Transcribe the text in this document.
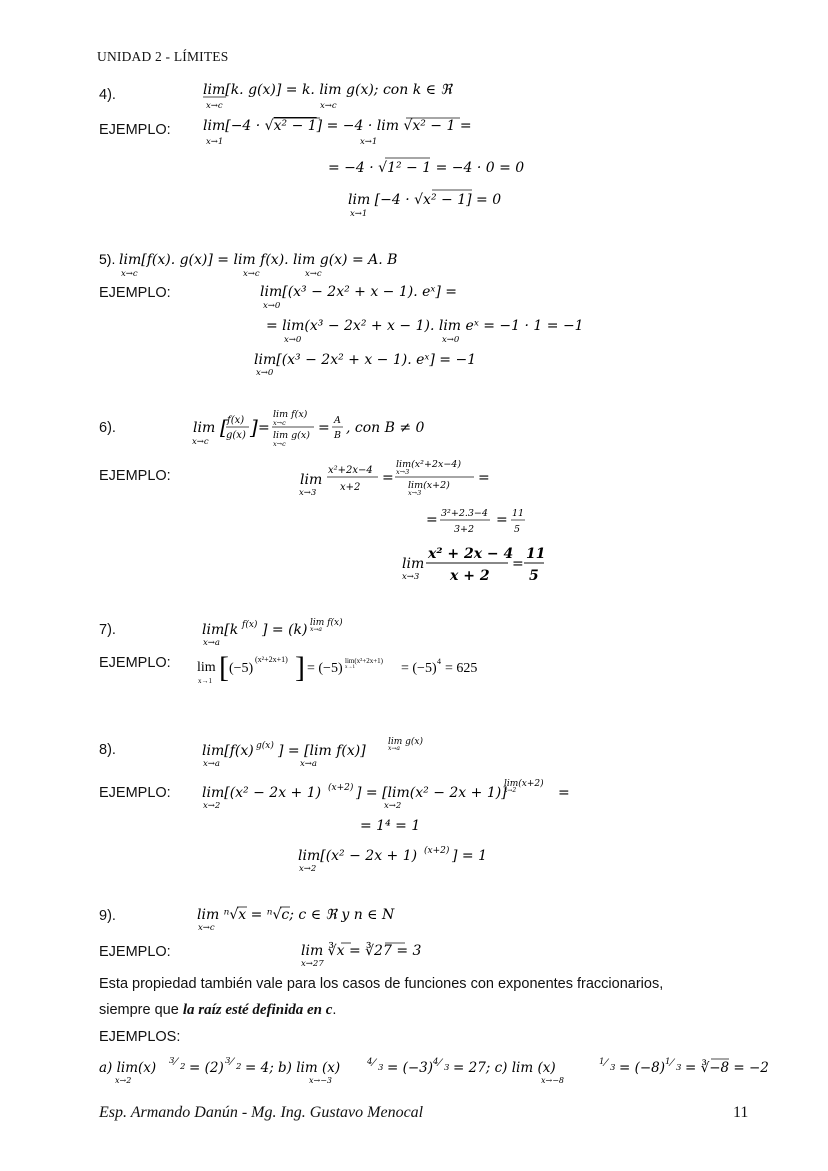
UNIDAD 2 - LÍMITES
4).	lim[k. g(x)] = k. lim g(x); con k ∈ ℜ
x→c	x→c
EJEMPLO: lim[−4 · √x² − 1] = −4 · lim √x² − 1 =
x→1	x→1
= −4 · √1² − 1 = −4 · 0 = 0
lim [−4 · √x² − 1] = 0
x→1
5). lim[f(x). g(x)] = lim f(x). lim g(x) = A. B
x→c	x→c	x→c
EJEMPLO:	lim[(x³ − 2x² + x − 1). eˣ] =
x→0
= lim(x³ − 2x² + x − 1). lim eˣ = −1 · 1 = −1
x→0	x→0
lim[(x³ − 2x² + x − 1). eˣ] = −1
x→0
6).	lim
x→c
[ f(x)
g(x) ] =
lim f(x)
x→c
lim g(x)
x→c
= A
B , con B ≠ 0
EJEMPLO:	lim
x→3
x²+2x−4
x+2
=
lim(x²+2x−4)
x→3
lim(x+2)
x→3
=
= 3²+2.3−4
3+2
= 11
5
lim
x→3
x² + 2x − 4
x + 2
=
11
5
7).	lim[k f(x) ] = (k) lim f(x)
x→a
x→a
EJEMPLO: lim
x→1 [ (−5)
(x²+2x+1) ] = (−5) lim(x²+2x+1)
x→1	= (−5) 4 = 625
8).	lim[f(x) g(x) ] = [lim f(x)]
lim g(x)
x→a
x→a	x→a
EJEMPLO: lim[(x² − 2x + 1) (x+2) ] = [lim(x² − 2x + 1)]
lim(x+2)
x→2	=
x→2	x→2
= 1⁴ = 1
lim[(x² − 2x + 1) (x+2) ] = 1
x→2
9).	lim ⁿ√x = ⁿ√c; c ∈ ℜ y n ∈ N
x→c
EJEMPLO:	lim ∛x = ∛27 = 3
x→27
Esta propiedad también vale para los casos de funciones con exponentes fraccionarios,
siempre que la raíz esté definida en c.
EJEMPLOS:
a) lim(x) 3 ⁄ 2 = (2) 3 ⁄ 2 = 4; b) lim (x)	4 ⁄ 3 = (−3) 4 ⁄ 3 = 27; c) lim (x)	1 ⁄ 3 = (−8) 1 ⁄ 3 = ∛−8 = −2
x→2	x→−3	x→−8
Esp. Armando Danún - Mg. Ing. Gustavo Menocal	11
